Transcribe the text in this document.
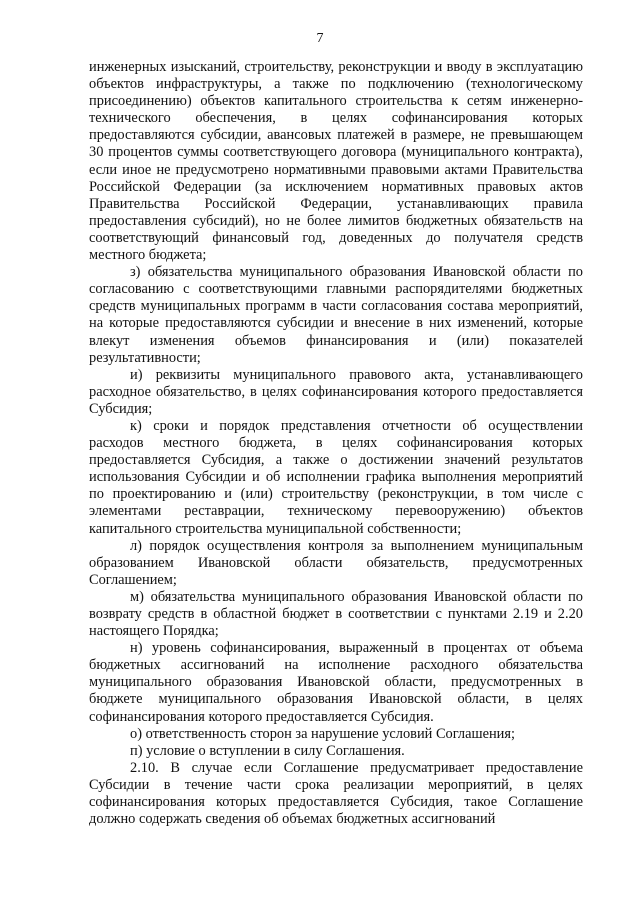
7

инженерных изысканий, строительству, реконструкции и вводу в эксплуатацию объектов инфраструктуры, а также по подключению (технологическому присоединению) объектов капитального строительства к сетям инженерно-технического обеспечения, в целях софинансирования которых предоставляются субсидии, авансовых платежей в размере, не превышающем 30 процентов суммы соответствующего договора (муниципального контракта), если иное не предусмотрено нормативными правовыми актами Правительства Российской Федерации (за исключением нормативных правовых актов Правительства Российской Федерации, устанавливающих правила предоставления субсидий), но не более лимитов бюджетных обязательств на соответствующий финансовый год, доведенных до получателя средств местного бюджета;

з) обязательства муниципального образования Ивановской области по согласованию с соответствующими главными распорядителями бюджетных средств муниципальных программ в части согласования состава мероприятий, на которые предоставляются субсидии и внесение в них изменений, которые влекут изменения объемов финансирования и (или) показателей результативности;

и) реквизиты муниципального правового акта, устанавливающего расходное обязательство, в целях софинансирования которого предоставляется Субсидия;

к) сроки и порядок представления отчетности об осуществлении расходов местного бюджета, в целях софинансирования которых предоставляется Субсидия, а также о достижении значений результатов использования Субсидии и об исполнении графика выполнения мероприятий по проектированию и (или) строительству (реконструкции, в том числе с элементами реставрации, техническому перевооружению) объектов капитального строительства муниципальной собственности;

л) порядок осуществления контроля за выполнением муниципальным образованием Ивановской области обязательств, предусмотренных Соглашением;

м) обязательства муниципального образования Ивановской области по возврату средств в областной бюджет в соответствии с пунктами 2.19 и 2.20 настоящего Порядка;

н) уровень софинансирования, выраженный в процентах от объема бюджетных ассигнований на исполнение расходного обязательства муниципального образования Ивановской области, предусмотренных в бюджете муниципального образования Ивановской области, в целях софинансирования которого предоставляется Субсидия.

о) ответственность сторон за нарушение условий Соглашения;

п) условие о вступлении в силу Соглашения.

2.10. В случае если Соглашение предусматривает предоставление Субсидии в течение части срока реализации мероприятий, в целях софинансирования которых предоставляется Субсидия, такое Соглашение должно содержать сведения об объемах бюджетных ассигнований
